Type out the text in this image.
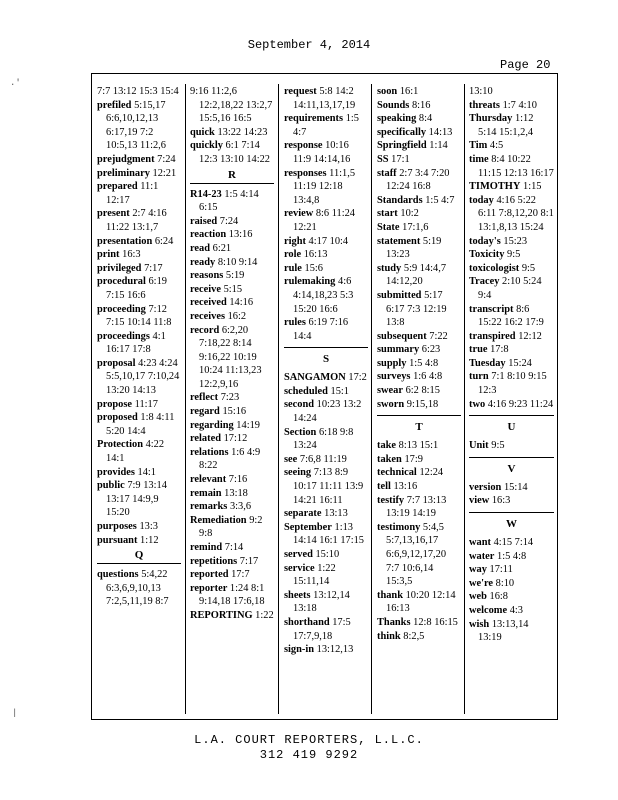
September 4, 2014
Page 20
.'
|
7:7 13:12 15:3 15:4
prefiled 5:15,17 6:6,10,12,13 6:17,19 7:2 10:5,13 11:2,6
prejudgment 7:24
preliminary 12:21
prepared 11:1 12:17
present 2:7 4:16 11:22 13:1,7
presentation 6:24
print 16:3
privileged 7:17
procedural 6:19 7:15 16:6
proceeding 7:12 7:15 10:14 11:8
proceedings 4:1 16:17 17:8
proposal 4:23 4:24 5:5,10,17 7:10,24 13:20 14:13
propose 11:17
proposed 1:8 4:11 5:20 14:4
Protection 4:22 14:1
provides 14:1
public 7:9 13:14 13:17 14:9,9 15:20
purposes 13:3
pursuant 1:12
Q
questions 5:4,22 6:3,6,9,10,13 7:2,5,11,19 8:7
9:16 11:2,6 12:2,18,22 13:2,7 15:5,16 16:5
quick 13:22 14:23
quickly 6:1 7:14 12:3 13:10 14:22
R
R14-23 1:5 4:14 6:15
raised 7:24
reaction 13:16
read 6:21
ready 8:10 9:14
reasons 5:19
receive 5:15
received 14:16
receives 16:2
record 6:2,20 7:18,22 8:14 9:16,22 10:19 10:24 11:13,23 12:2,9,16
reflect 7:23
regard 15:16
regarding 14:19
related 17:12
relations 1:6 4:9 8:22
relevant 7:16
remain 13:18
remarks 3:3,6
Remediation 9:2 9:8
remind 7:14
repetitions 7:17
reported 17:7
reporter 1:24 8:1 9:14,18 17:6,18
REPORTING 1:22
request 5:8 14:2 14:11,13,17,19
requirements 1:5 4:7
response 10:16 11:9 14:14,16
responses 11:1,5 11:19 12:18 13:4,8
review 8:6 11:24 12:21
right 4:17 10:4
role 16:13
rule 15:6
rulemaking 4:6 4:14,18,23 5:3 15:20 16:6
rules 6:19 7:16 14:4
S
SANGAMON 17:2
scheduled 15:1
second 10:23 13:2 14:24
Section 6:18 9:8 13:24
see 7:6,8 11:19
seeing 7:13 8:9 10:17 11:11 13:9 14:21 16:11
separate 13:13
September 1:13 14:14 16:1 17:15
served 15:10
service 1:22 15:11,14
sheets 13:12,14 13:18
shorthand 17:5 17:7,9,18
sign-in 13:12,13
soon 16:1
Sounds 8:16
speaking 8:4
specifically 14:13
Springfield 1:14
SS 17:1
staff 2:7 3:4 7:20 12:24 16:8
Standards 1:5 4:7
start 10:2
State 17:1,6
statement 5:19 13:23
study 5:9 14:4,7 14:12,20
submitted 5:17 6:17 7:3 12:19 13:8
subsequent 7:22
summary 6:23
supply 1:5 4:8
surveys 1:6 4:8
swear 6:2 8:15
sworn 9:15,18
T
take 8:13 15:1
taken 17:9
technical 12:24
tell 13:16
testify 7:7 13:13 13:19 14:19
testimony 5:4,5 5:7,13,16,17 6:6,9,12,17,20 7:7 10:6,14 15:3,5
thank 10:20 12:14 16:13
Thanks 12:8 16:15
think 8:2,5
13:10
threats 1:7 4:10
Thursday 1:12 5:14 15:1,2,4
Tim 4:5
time 8:4 10:22 11:15 12:13 16:17
TIMOTHY 1:15
today 4:16 5:22 6:11 7:8,12,20 8:1 13:1,8,13 15:24
today's 15:23
Toxicity 9:5
toxicologist 9:5
Tracey 2:10 5:24 9:4
transcript 8:6 15:22 16:2 17:9
transpired 12:12
true 17:8
Tuesday 15:24
turn 7:1 8:10 9:15 12:3
two 4:16 9:23 11:24
U
Unit 9:5
V
version 15:14
view 16:3
W
want 4:15 7:14
water 1:5 4:8
way 17:11
we're 8:10
web 16:8
welcome 4:3
wish 13:13,14 13:19
L.A. COURT REPORTERS, L.L.C.
312 419 9292
